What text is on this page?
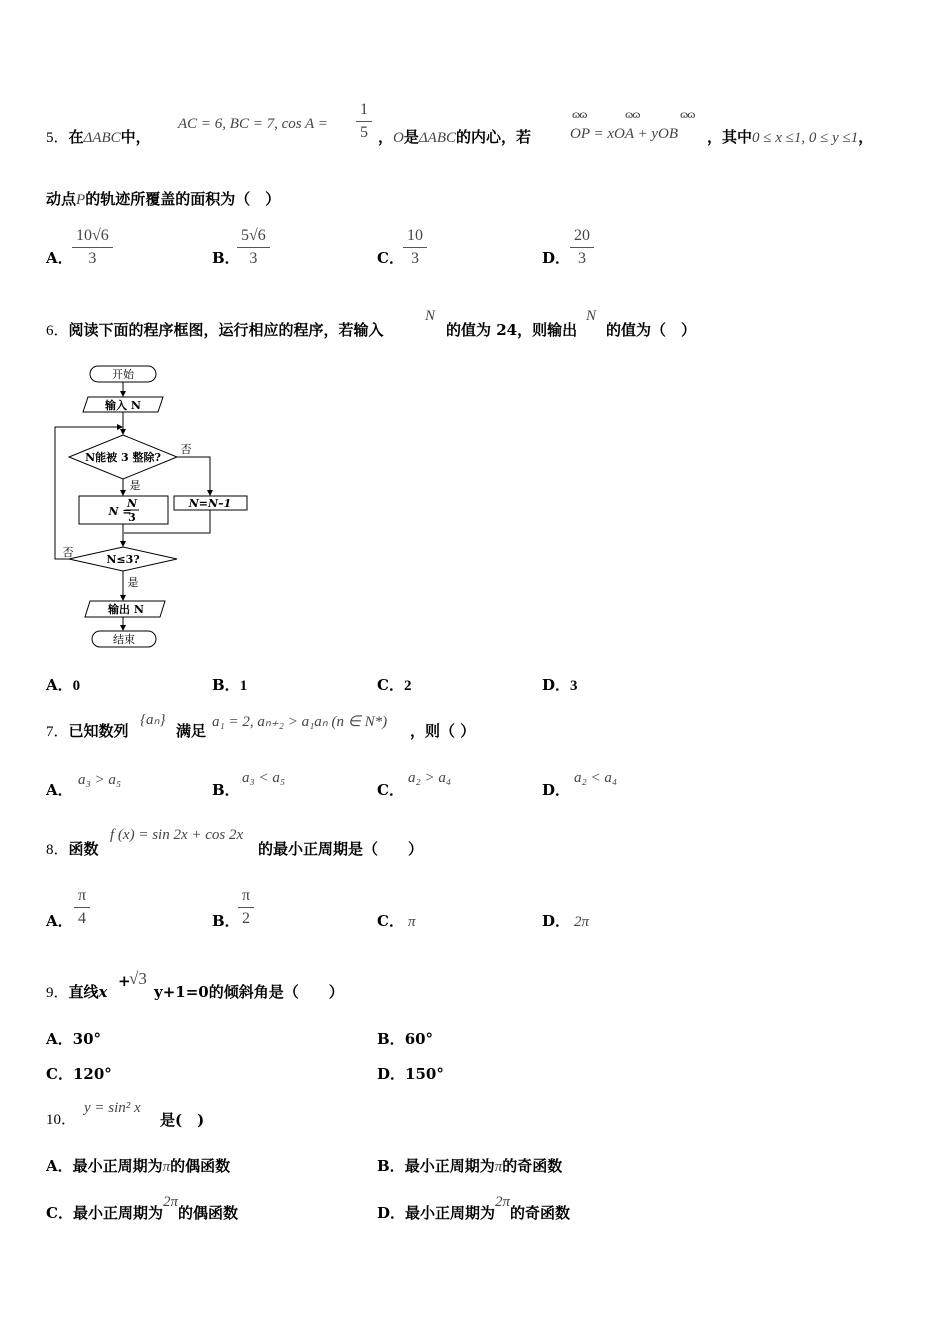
5．在ΔABC中，
AC = 6, BC = 7, $\cos A = \frac{1}{5}$ ，O是ΔABC的内心，若
ɷɷ	ɷɷ	ɷɷ
OP = xOA + yOB ，其中0 ≤ x ≤1, 0 ≤ y ≤1，
动点P的轨迹所覆盖的面积为（　）
A． $\frac{10√6}{3}$	B．
$\frac{5√6}{3}$	C． $\frac{10}{3}$	D． $\frac{20}{3}$
6．阅读下面的程序框图，运行相应的程序，若输入
N
的值为 24，则输出
N
的值为（　）
开始
输入 N
N能被 3 整除?
否
是
N =
N
3
N=N–1
N≤3?
否
是
输出 N
结束
A．0	B．1	C．2	D．3
7．已知数列
{aₙ}
满足 a₁ = 2, aₙ₊₂ > a₁aₙ (n ∈ N*) ，则（ ）
A．
a₃ > a₅
B．
a₃ < a₅
C．
a₂ > a₄
D．
a₂ < a₄
8．函数
f (x) = sin 2x + cos 2x
的最小正周期是（　　）
A． $\frac{\pi}{4}$	B．
$\frac{\pi}{2}$	C． π	D． 2π
9．直线x
+
√3
y+1=0的倾斜角是（　　）
A．30°	B．60°
C．120°	D．150°
10．
y = sin² x
是(　)
A．最小正周期为π的偶函数	B．最小正周期为π的奇函数
C．最小正周期为2π的偶函数	D．最小正周期为2π的奇函数
